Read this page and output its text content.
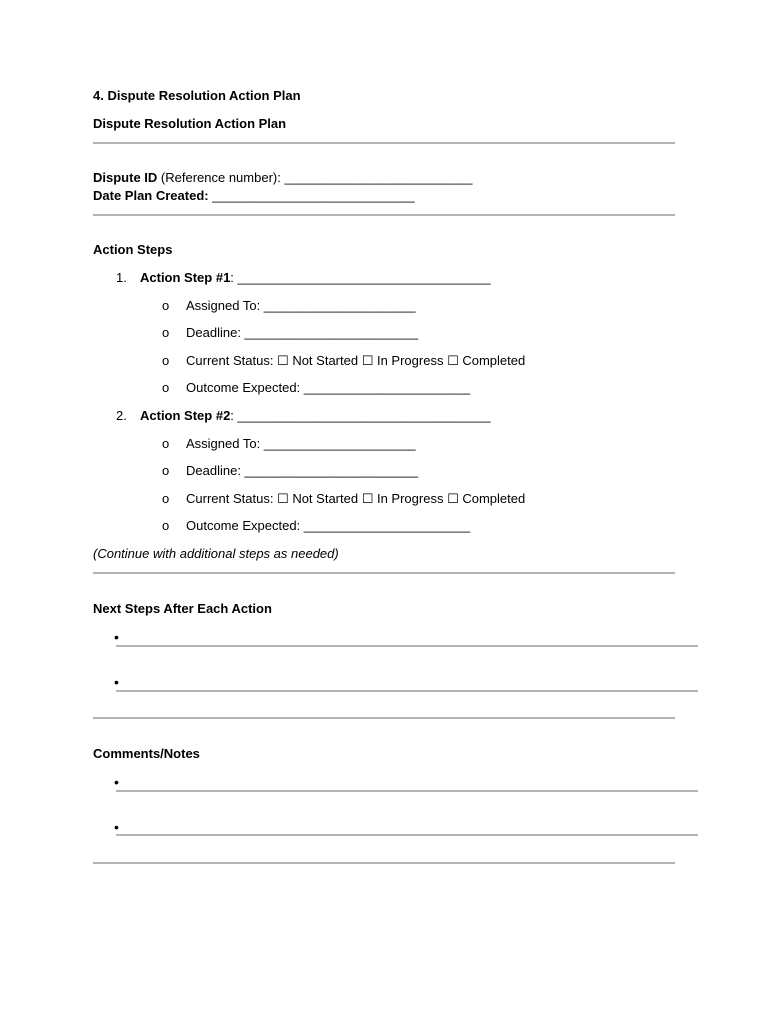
4. Dispute Resolution Action Plan
Dispute Resolution Action Plan
Dispute ID (Reference number): __________________________
Date Plan Created: ____________________________
Action Steps
1. Action Step #1: ___________________________________
o Assigned To: _____________________
o Deadline: ________________________
o Current Status: ☐ Not Started ☐ In Progress ☐ Completed
o Outcome Expected: _______________________
2. Action Step #2: ___________________________________
o Assigned To: _____________________
o Deadline: ________________________
o Current Status: ☐ Not Started ☐ In Progress ☐ Completed
o Outcome Expected: _______________________
(Continue with additional steps as needed)
Next Steps After Each Action
•
•
Comments/Notes
•
•
